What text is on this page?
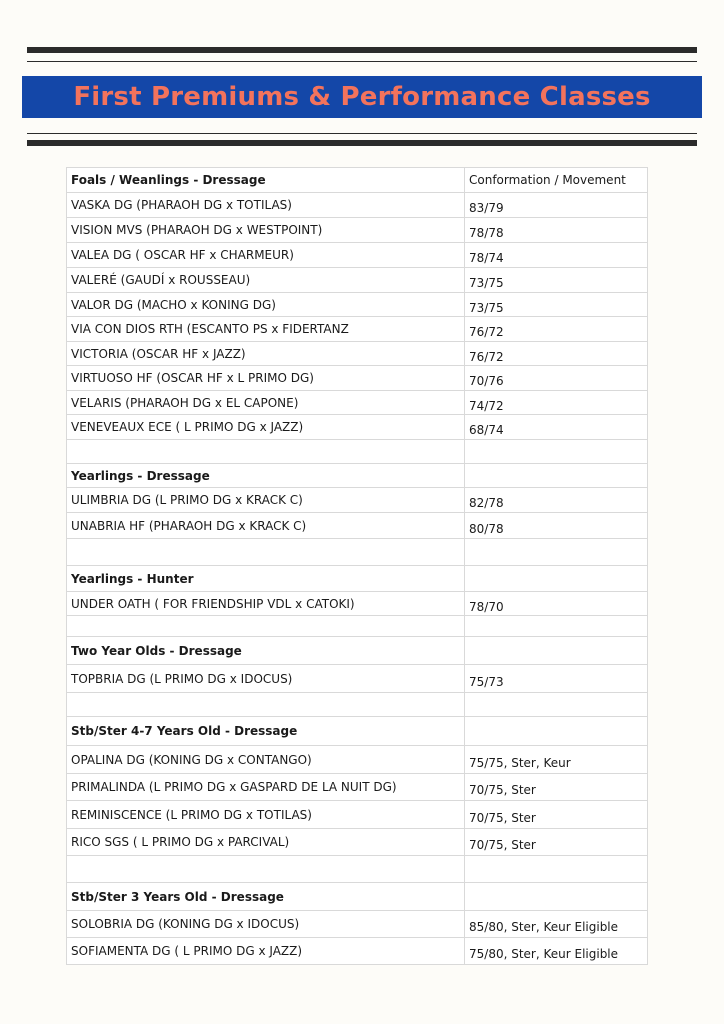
First Premiums & Performance Classes
Foals / Weanlings - Dressage	Conformation / Movement
VASKA DG (PHARAOH DG x TOTILAS)	83/79
VISION MVS (PHARAOH DG x WESTPOINT)	78/78
VALEA DG ( OSCAR HF x CHARMEUR)	78/74
VALERÉ (GAUDÍ x ROUSSEAU)	73/75
VALOR DG (MACHO x KONING DG)	73/75
VIA CON DIOS RTH (ESCANTO PS x FIDERTANZ	76/72
VICTORIA (OSCAR HF x JAZZ)	76/72
VIRTUOSO HF (OSCAR HF x L PRIMO DG)	70/76
VELARIS (PHARAOH DG x EL CAPONE)	74/72
VENEVEAUX ECE ( L PRIMO DG x JAZZ)	68/74

Yearlings - Dressage	
ULIMBRIA DG (L PRIMO DG x KRACK C)	82/78
UNABRIA HF (PHARAOH DG x KRACK C)	80/78

Yearlings - Hunter	
UNDER OATH ( FOR FRIENDSHIP VDL x CATOKI)	78/70

Two Year Olds - Dressage	
TOPBRIA DG (L PRIMO DG x IDOCUS)	75/73

Stb/Ster 4-7 Years Old - Dressage	
OPALINA DG (KONING DG x CONTANGO)	75/75, Ster, Keur
PRIMALINDA (L PRIMO DG x GASPARD DE LA NUIT DG)	70/75, Ster
REMINISCENCE (L PRIMO DG x TOTILAS)	70/75, Ster
RICO SGS ( L PRIMO DG x PARCIVAL)	70/75, Ster

Stb/Ster 3 Years Old - Dressage	
SOLOBRIA DG (KONING DG x IDOCUS)	85/80, Ster, Keur Eligible
SOFIAMENTA DG ( L PRIMO DG x JAZZ)	75/80, Ster, Keur Eligible
